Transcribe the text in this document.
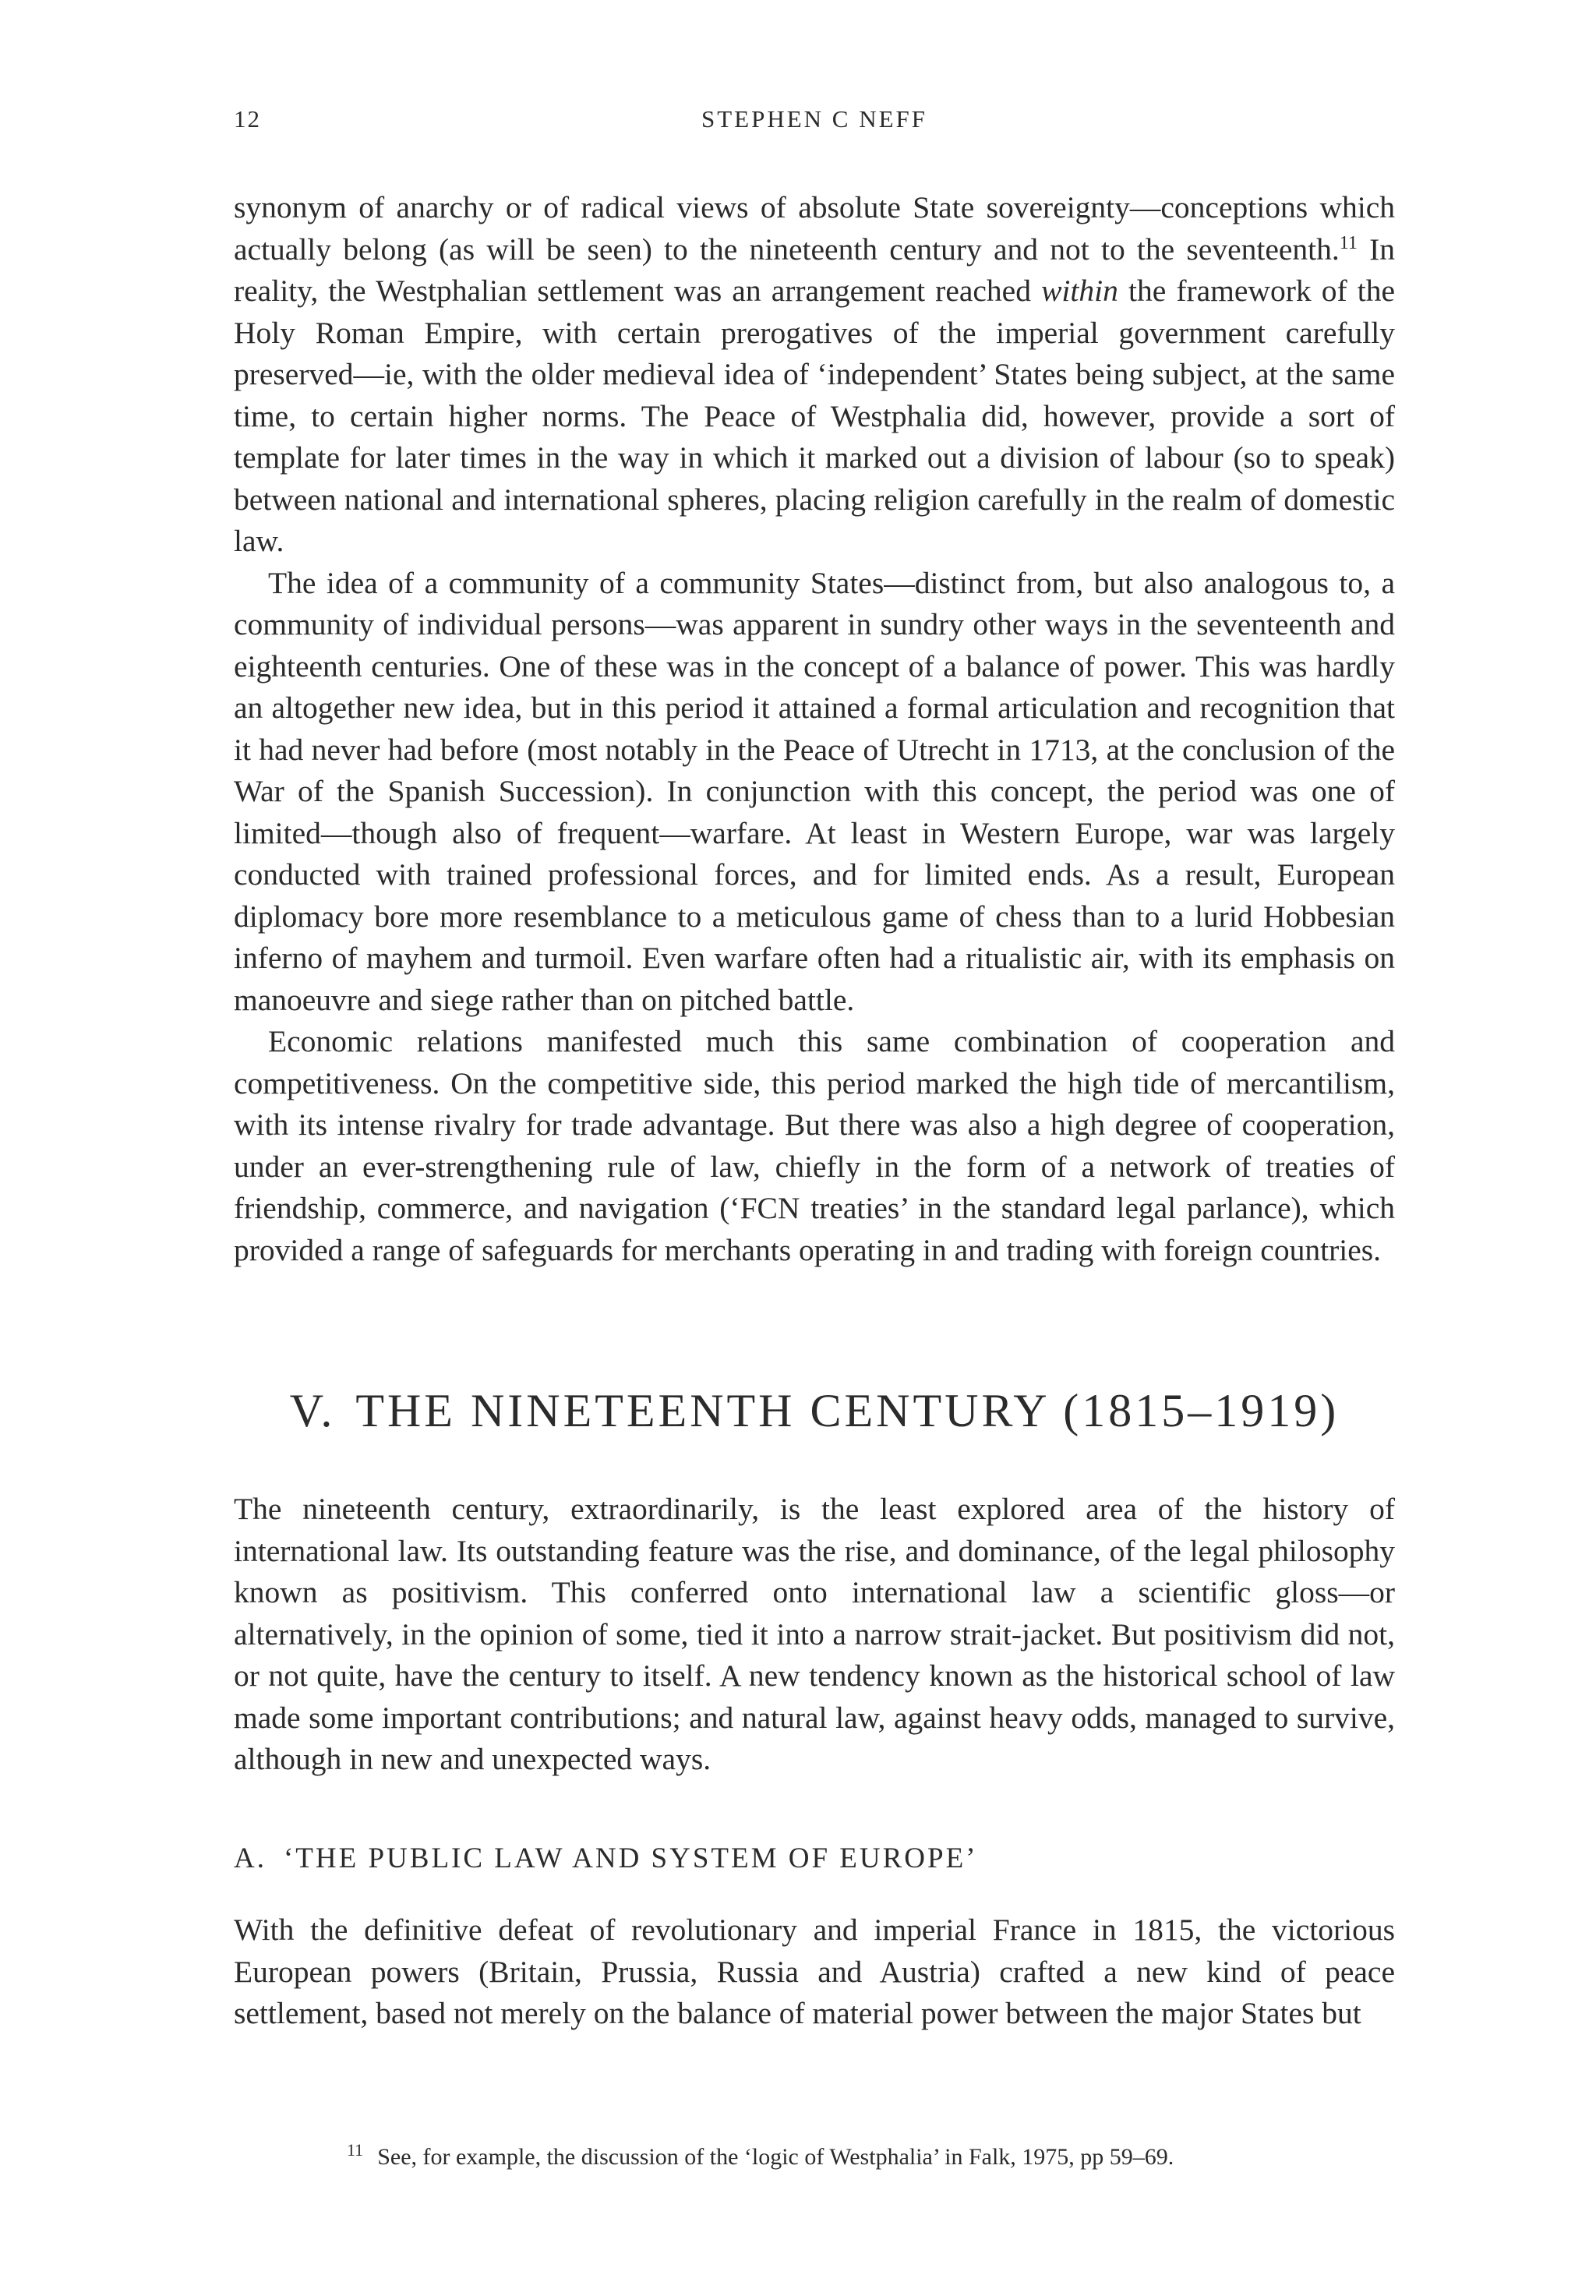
12	STEPHEN C NEFF

synonym of anarchy or of radical views of absolute State sovereignty—conceptions which actually belong (as will be seen) to the nineteenth century and not to the seventeenth.$^{11}$ In reality, the Westphalian settlement was an arrangement reached within the framework of the Holy Roman Empire, with certain prerogatives of the imperial government carefully preserved—ie, with the older medieval idea of ‘independent’ States being subject, at the same time, to certain higher norms. The Peace of Westphalia did, however, provide a sort of template for later times in the way in which it marked out a division of labour (so to speak) between national and international spheres, placing religion carefully in the realm of domestic law.

The idea of a community of a community States—distinct from, but also analogous to, a community of individual persons—was apparent in sundry other ways in the seventeenth and eighteenth centuries. One of these was in the concept of a balance of power. This was hardly an altogether new idea, but in this period it attained a formal articulation and recognition that it had never had before (most notably in the Peace of Utrecht in 1713, at the conclusion of the War of the Spanish Succession). In conjunction with this concept, the period was one of limited—though also of frequent—warfare. At least in Western Europe, war was largely conducted with trained professional forces, and for limited ends. As a result, European diplomacy bore more resemblance to a meticulous game of chess than to a lurid Hobbesian inferno of mayhem and turmoil. Even warfare often had a ritualistic air, with its emphasis on manoeuvre and siege rather than on pitched battle.

Economic relations manifested much this same combination of cooperation and competitiveness. On the competitive side, this period marked the high tide of mercantilism, with its intense rivalry for trade advantage. But there was also a high degree of cooperation, under an ever-strengthening rule of law, chiefly in the form of a network of treaties of friendship, commerce, and navigation (‘FCN treaties’ in the standard legal parlance), which provided a range of safeguards for merchants operating in and trading with foreign countries.

V. THE NINETEENTH CENTURY (1815–1919)

The nineteenth century, extraordinarily, is the least explored area of the history of international law. Its outstanding feature was the rise, and dominance, of the legal philosophy known as positivism. This conferred onto international law a scientific gloss—or alternatively, in the opinion of some, tied it into a narrow strait-jacket. But positivism did not, or not quite, have the century to itself. A new tendency known as the historical school of law made some important contributions; and natural law, against heavy odds, managed to survive, although in new and unexpected ways.

A. ‘THE PUBLIC LAW AND SYSTEM OF EUROPE’

With the definitive defeat of revolutionary and imperial France in 1815, the victorious European powers (Britain, Prussia, Russia and Austria) crafted a new kind of peace settlement, based not merely on the balance of material power between the major States but

$^{11}$ See, for example, the discussion of the ‘logic of Westphalia’ in Falk, 1975, pp 59–69.
